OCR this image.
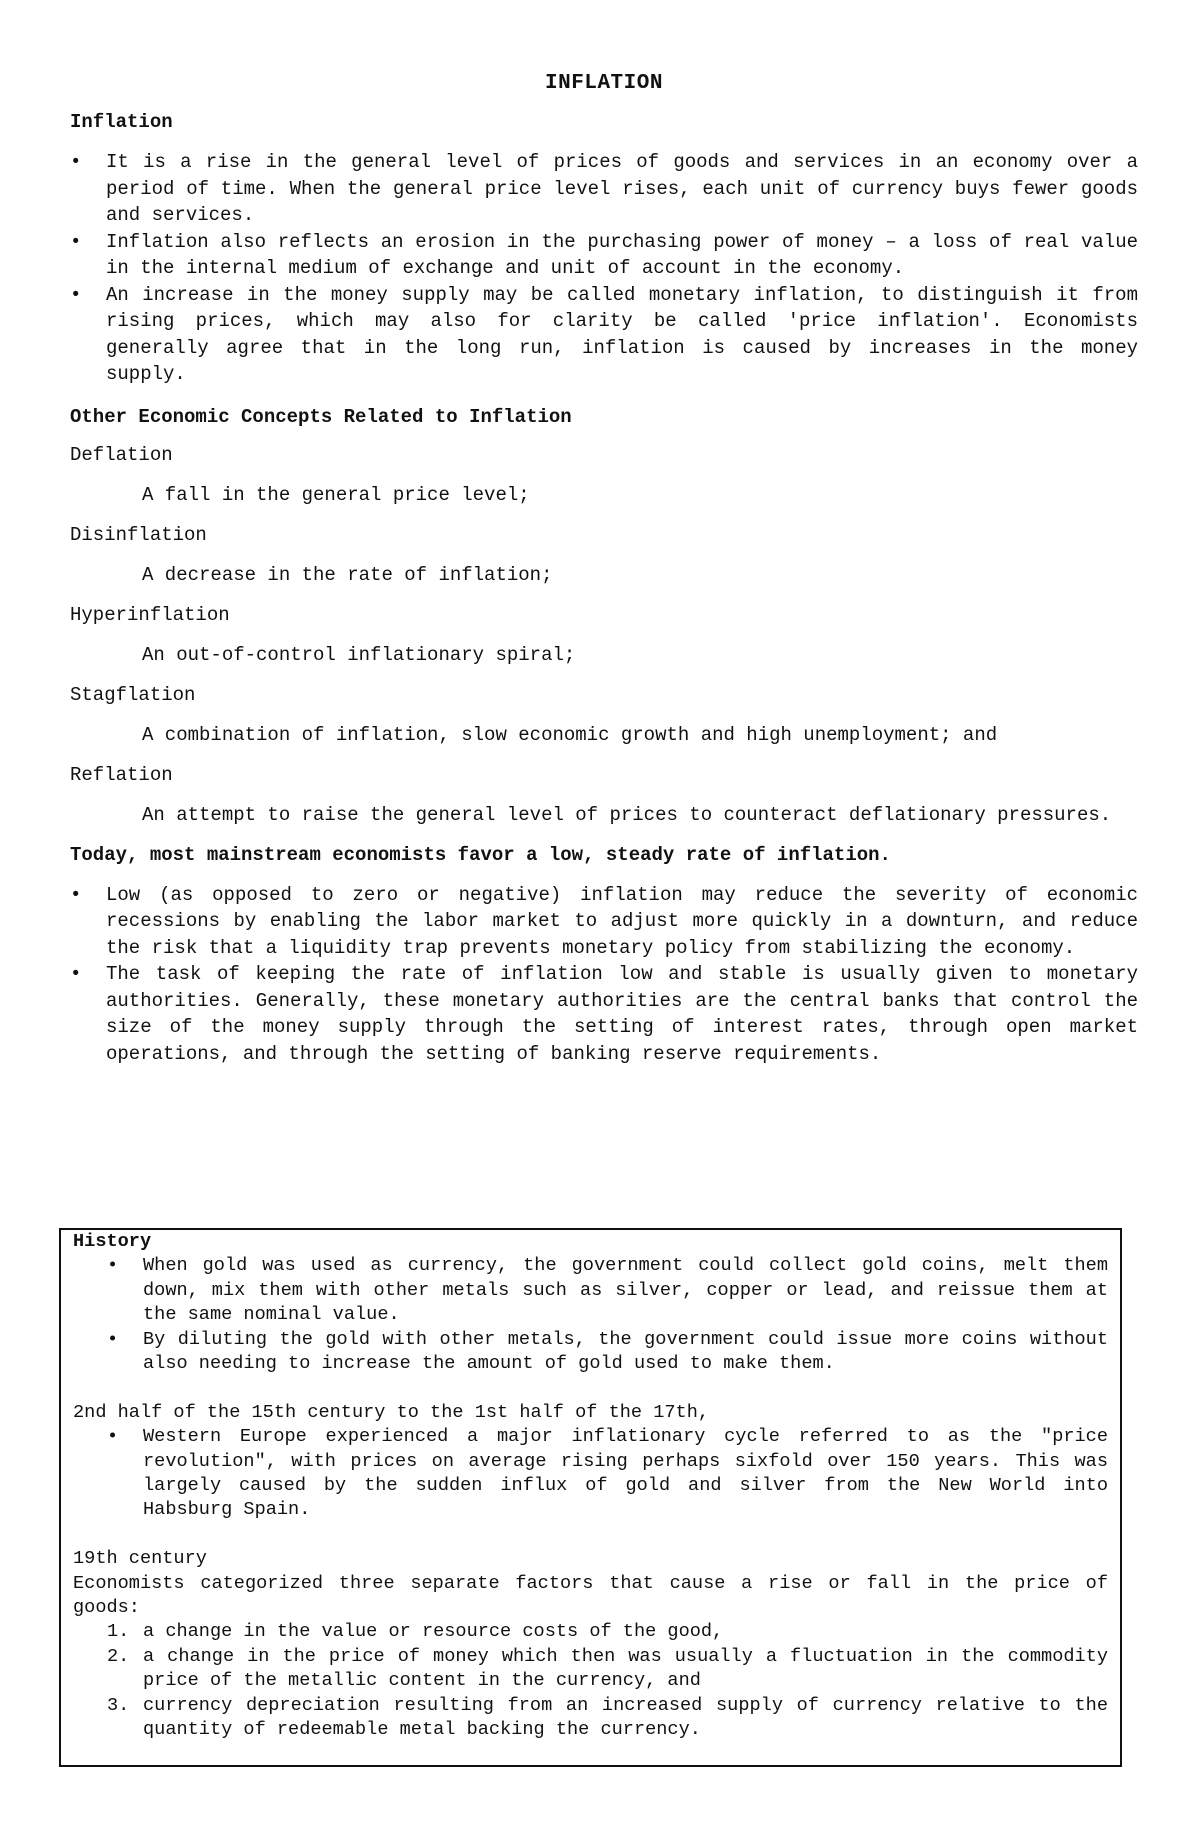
INFLATION
Inflation
• It is a rise in the general level of prices of goods and services in an economy over a period of time. When the general price level rises, each unit of currency buys fewer goods and services.
• Inflation also reflects an erosion in the purchasing power of money – a loss of real value in the internal medium of exchange and unit of account in the economy.
• An increase in the money supply may be called monetary inflation, to distinguish it from rising prices, which may also for clarity be called 'price inflation'. Economists generally agree that in the long run, inflation is caused by increases in the money supply.
Other Economic Concepts Related to Inflation
Deflation
A fall in the general price level;
Disinflation
A decrease in the rate of inflation;
Hyperinflation
An out-of-control inflationary spiral;
Stagflation
A combination of inflation, slow economic growth and high unemployment; and
Reflation
An attempt to raise the general level of prices to counteract deflationary pressures.
Today, most mainstream economists favor a low, steady rate of inflation.
• Low (as opposed to zero or negative) inflation may reduce the severity of economic recessions by enabling the labor market to adjust more quickly in a downturn, and reduce the risk that a liquidity trap prevents monetary policy from stabilizing the economy.
• The task of keeping the rate of inflation low and stable is usually given to monetary authorities. Generally, these monetary authorities are the central banks that control the size of the money supply through the setting of interest rates, through open market operations, and through the setting of banking reserve requirements.
History
• When gold was used as currency, the government could collect gold coins, melt them down, mix them with other metals such as silver, copper or lead, and reissue them at the same nominal value.
• By diluting the gold with other metals, the government could issue more coins without also needing to increase the amount of gold used to make them.
2nd half of the 15th century to the 1st half of the 17th,
• Western Europe experienced a major inflationary cycle referred to as the "price revolution", with prices on average rising perhaps sixfold over 150 years. This was largely caused by the sudden influx of gold and silver from the New World into Habsburg Spain.
19th century
Economists categorized three separate factors that cause a rise or fall in the price of goods:
1. a change in the value or resource costs of the good,
2. a change in the price of money which then was usually a fluctuation in the commodity price of the metallic content in the currency, and
3. currency depreciation resulting from an increased supply of currency relative to the quantity of redeemable metal backing the currency.
